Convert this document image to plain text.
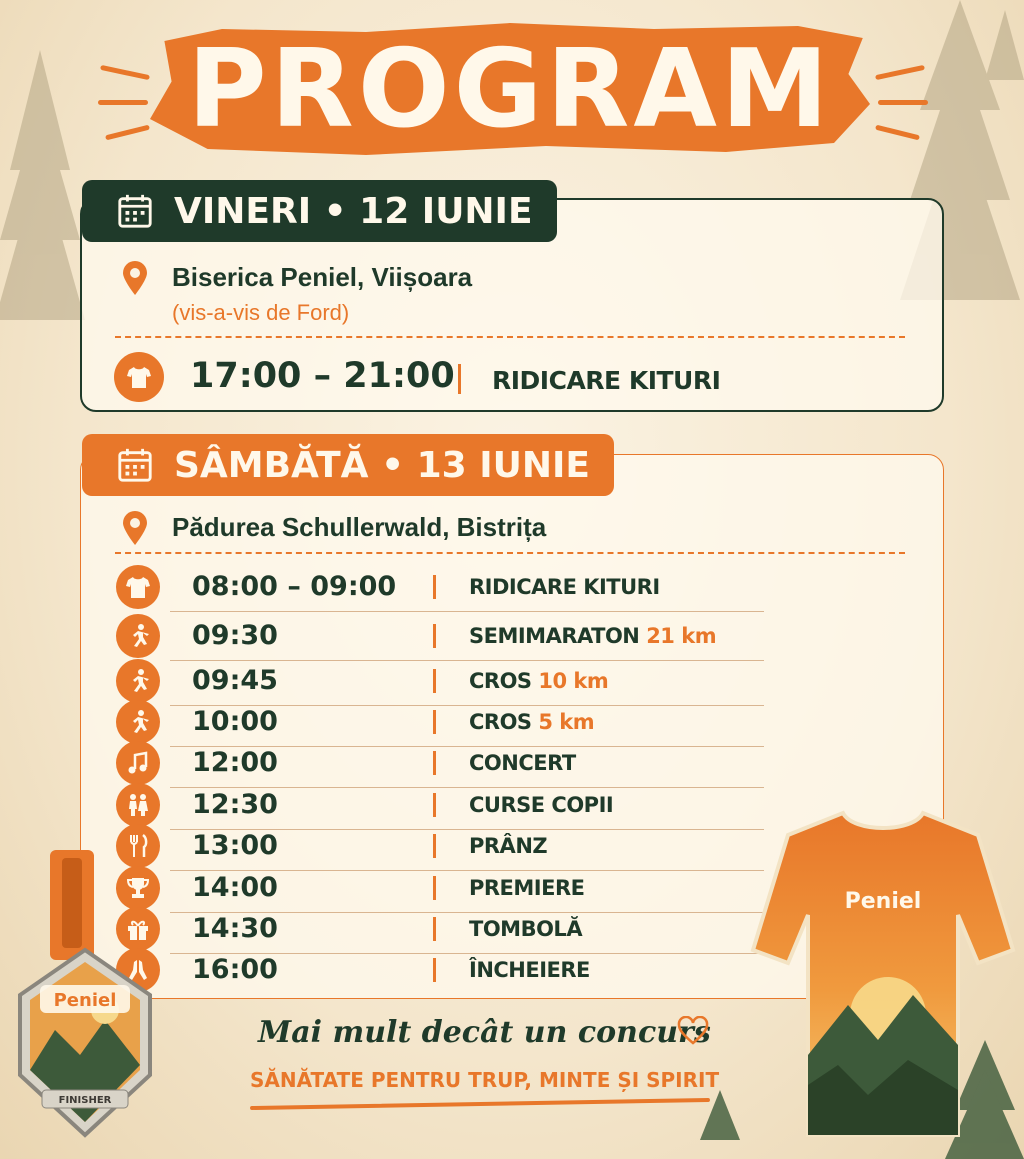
PROGRAM
VINERI • 12 IUNIE
Biserica Peniel, Viișoara
(vis-a-vis de Ford)
17:00 – 21:00 RIDICARE KITURI
SÂMBĂTĂ • 13 IUNIE
Pădurea Schullerwald, Bistrița
08:00 – 09:00	RIDICARE KITURI
09:30	SEMIMARATON 21 km
09:45	CROS 10 km
10:00	CROS 5 km
12:00	CONCERT
12:30	CURSE COPII
13:00	PRÂNZ
14:00	PREMIERE
14:30	TOMBOLĂ
16:00	ÎNCHEIERE
Mai mult decât un concurs
SĂNĂTATE PENTRU TRUP, MINTE ȘI SPIRIT
Peniel
FINISHER
Peniel
